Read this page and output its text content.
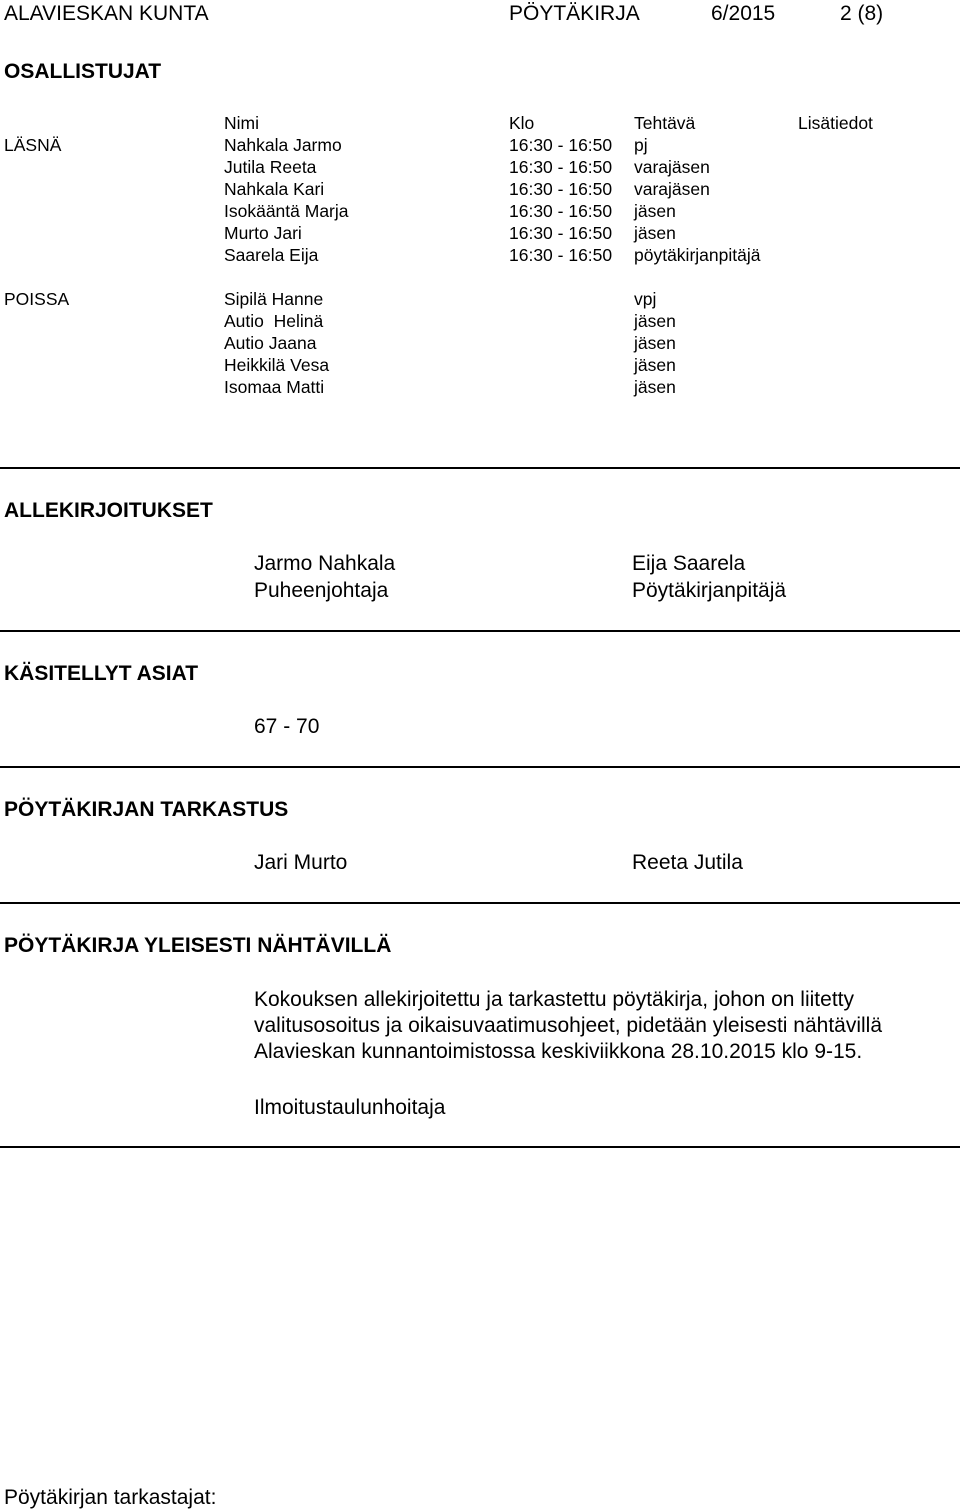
ALAVIESKAN KUNTA	PÖYTÄKIRJA	6/2015	2 (8)
OSALLISTUJAT
Nimi	Klo	Tehtävä	Lisätiedot
LÄSNÄ	Nahkala Jarmo	16:30 - 16:50 pj
Jutila Reeta	16:30 - 16:50 varajäsen
Nahkala Kari	16:30 - 16:50 varajäsen
Isokääntä Marja	16:30 - 16:50 jäsen
Murto Jari	16:30 - 16:50 jäsen
Saarela Eija	16:30 - 16:50 pöytäkirjanpitäjä
POISSA	Sipilä Hanne	vpj
Autio  Helinä	jäsen
Autio Jaana	jäsen
Heikkilä Vesa	jäsen
Isomaa Matti	jäsen
ALLEKIRJOITUKSET
Jarmo Nahkala
Puheenjohtaja
Eija Saarela
Pöytäkirjanpitäjä
KÄSITELLYT ASIAT
67 - 70
PÖYTÄKIRJAN TARKASTUS
Jari Murto	Reeta Jutila
PÖYTÄKIRJA YLEISESTI NÄHTÄVILLÄ
Kokouksen allekirjoitettu ja tarkastettu pöytäkirja, johon on liitetty
valitusosoitus ja oikaisuvaatimusohjeet, pidetään yleisesti nähtävillä
Alavieskan kunnantoimistossa keskiviikkona 28.10.2015 klo 9-15.
Ilmoitustaulunhoitaja
Pöytäkirjan tarkastajat:
